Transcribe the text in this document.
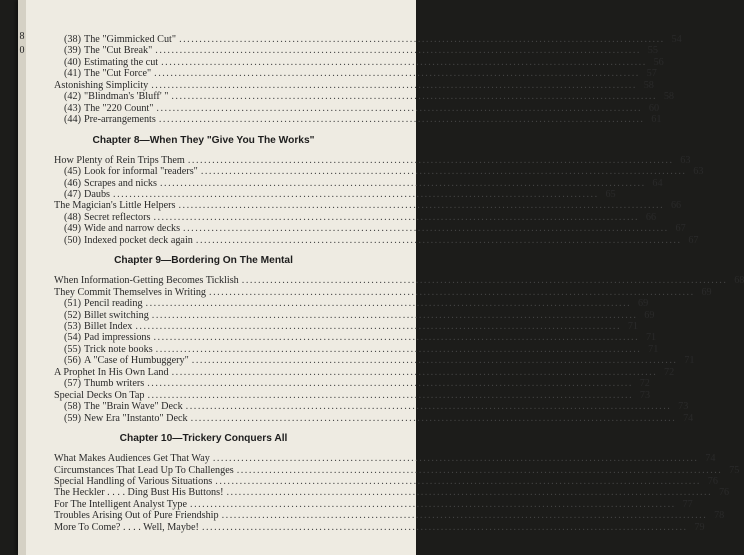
8
0
(38) The "Gimmicked Cut" ........................................................................................................................ 54
(39) The "Cut Break" ........................................................................................................................ 55
(40) Estimating the cut ........................................................................................................................ 56
(41) The "Cut Force" ........................................................................................................................ 57
Astonishing Simplicity ........................................................................................................................ 58
(42) "Blindman's 'Bluff' " ........................................................................................................................ 58
(43) The "220 Count" ........................................................................................................................ 60
(44) Pre-arrangements ........................................................................................................................ 61
Chapter 8—When They "Give You The Works"
How Plenty of Rein Trips Them ........................................................................................................................ 63
(45) Look for informal "readers" ........................................................................................................................ 63
(46) Scrapes and nicks ........................................................................................................................ 64
(47) Daubs ........................................................................................................................ 65
The Magician's Little Helpers ........................................................................................................................ 66
(48) Secret reflectors ........................................................................................................................ 66
(49) Wide and narrow decks ........................................................................................................................ 67
(50) Indexed pocket deck again ........................................................................................................................ 67
Chapter 9—Bordering On The Mental
When Information-Getting Becomes Ticklish ........................................................................................................................ 68
They Commit Themselves in Writing ........................................................................................................................ 69
(51) Pencil reading ........................................................................................................................ 69
(52) Billet switching ........................................................................................................................ 69
(53) Billet Index ........................................................................................................................ 71
(54) Pad impressions ........................................................................................................................ 71
(55) Trick note books ........................................................................................................................ 71
(56) A "Case of Humbuggery" ........................................................................................................................ 71
A Prophet In His Own Land ........................................................................................................................ 72
(57) Thumb writers ........................................................................................................................ 72
Special Decks On Tap ........................................................................................................................ 73
(58) The "Brain Wave" Deck ........................................................................................................................ 73
(59) New Era "Instanto" Deck ........................................................................................................................ 74
Chapter 10—Trickery Conquers All
What Makes Audiences Get That Way ........................................................................................................................ 74
Circumstances That Lead Up To Challenges ........................................................................................................................ 75
Special Handling of Various Situations ........................................................................................................................ 76
The Heckler . . . . Ding Bust His Buttons! ........................................................................................................................ 76
For The Intelligent Analyst Type ........................................................................................................................ 77
Troubles Arising Out of Pure Friendship ........................................................................................................................ 78
More To Come? . . . . Well, Maybe! ........................................................................................................................ 79
